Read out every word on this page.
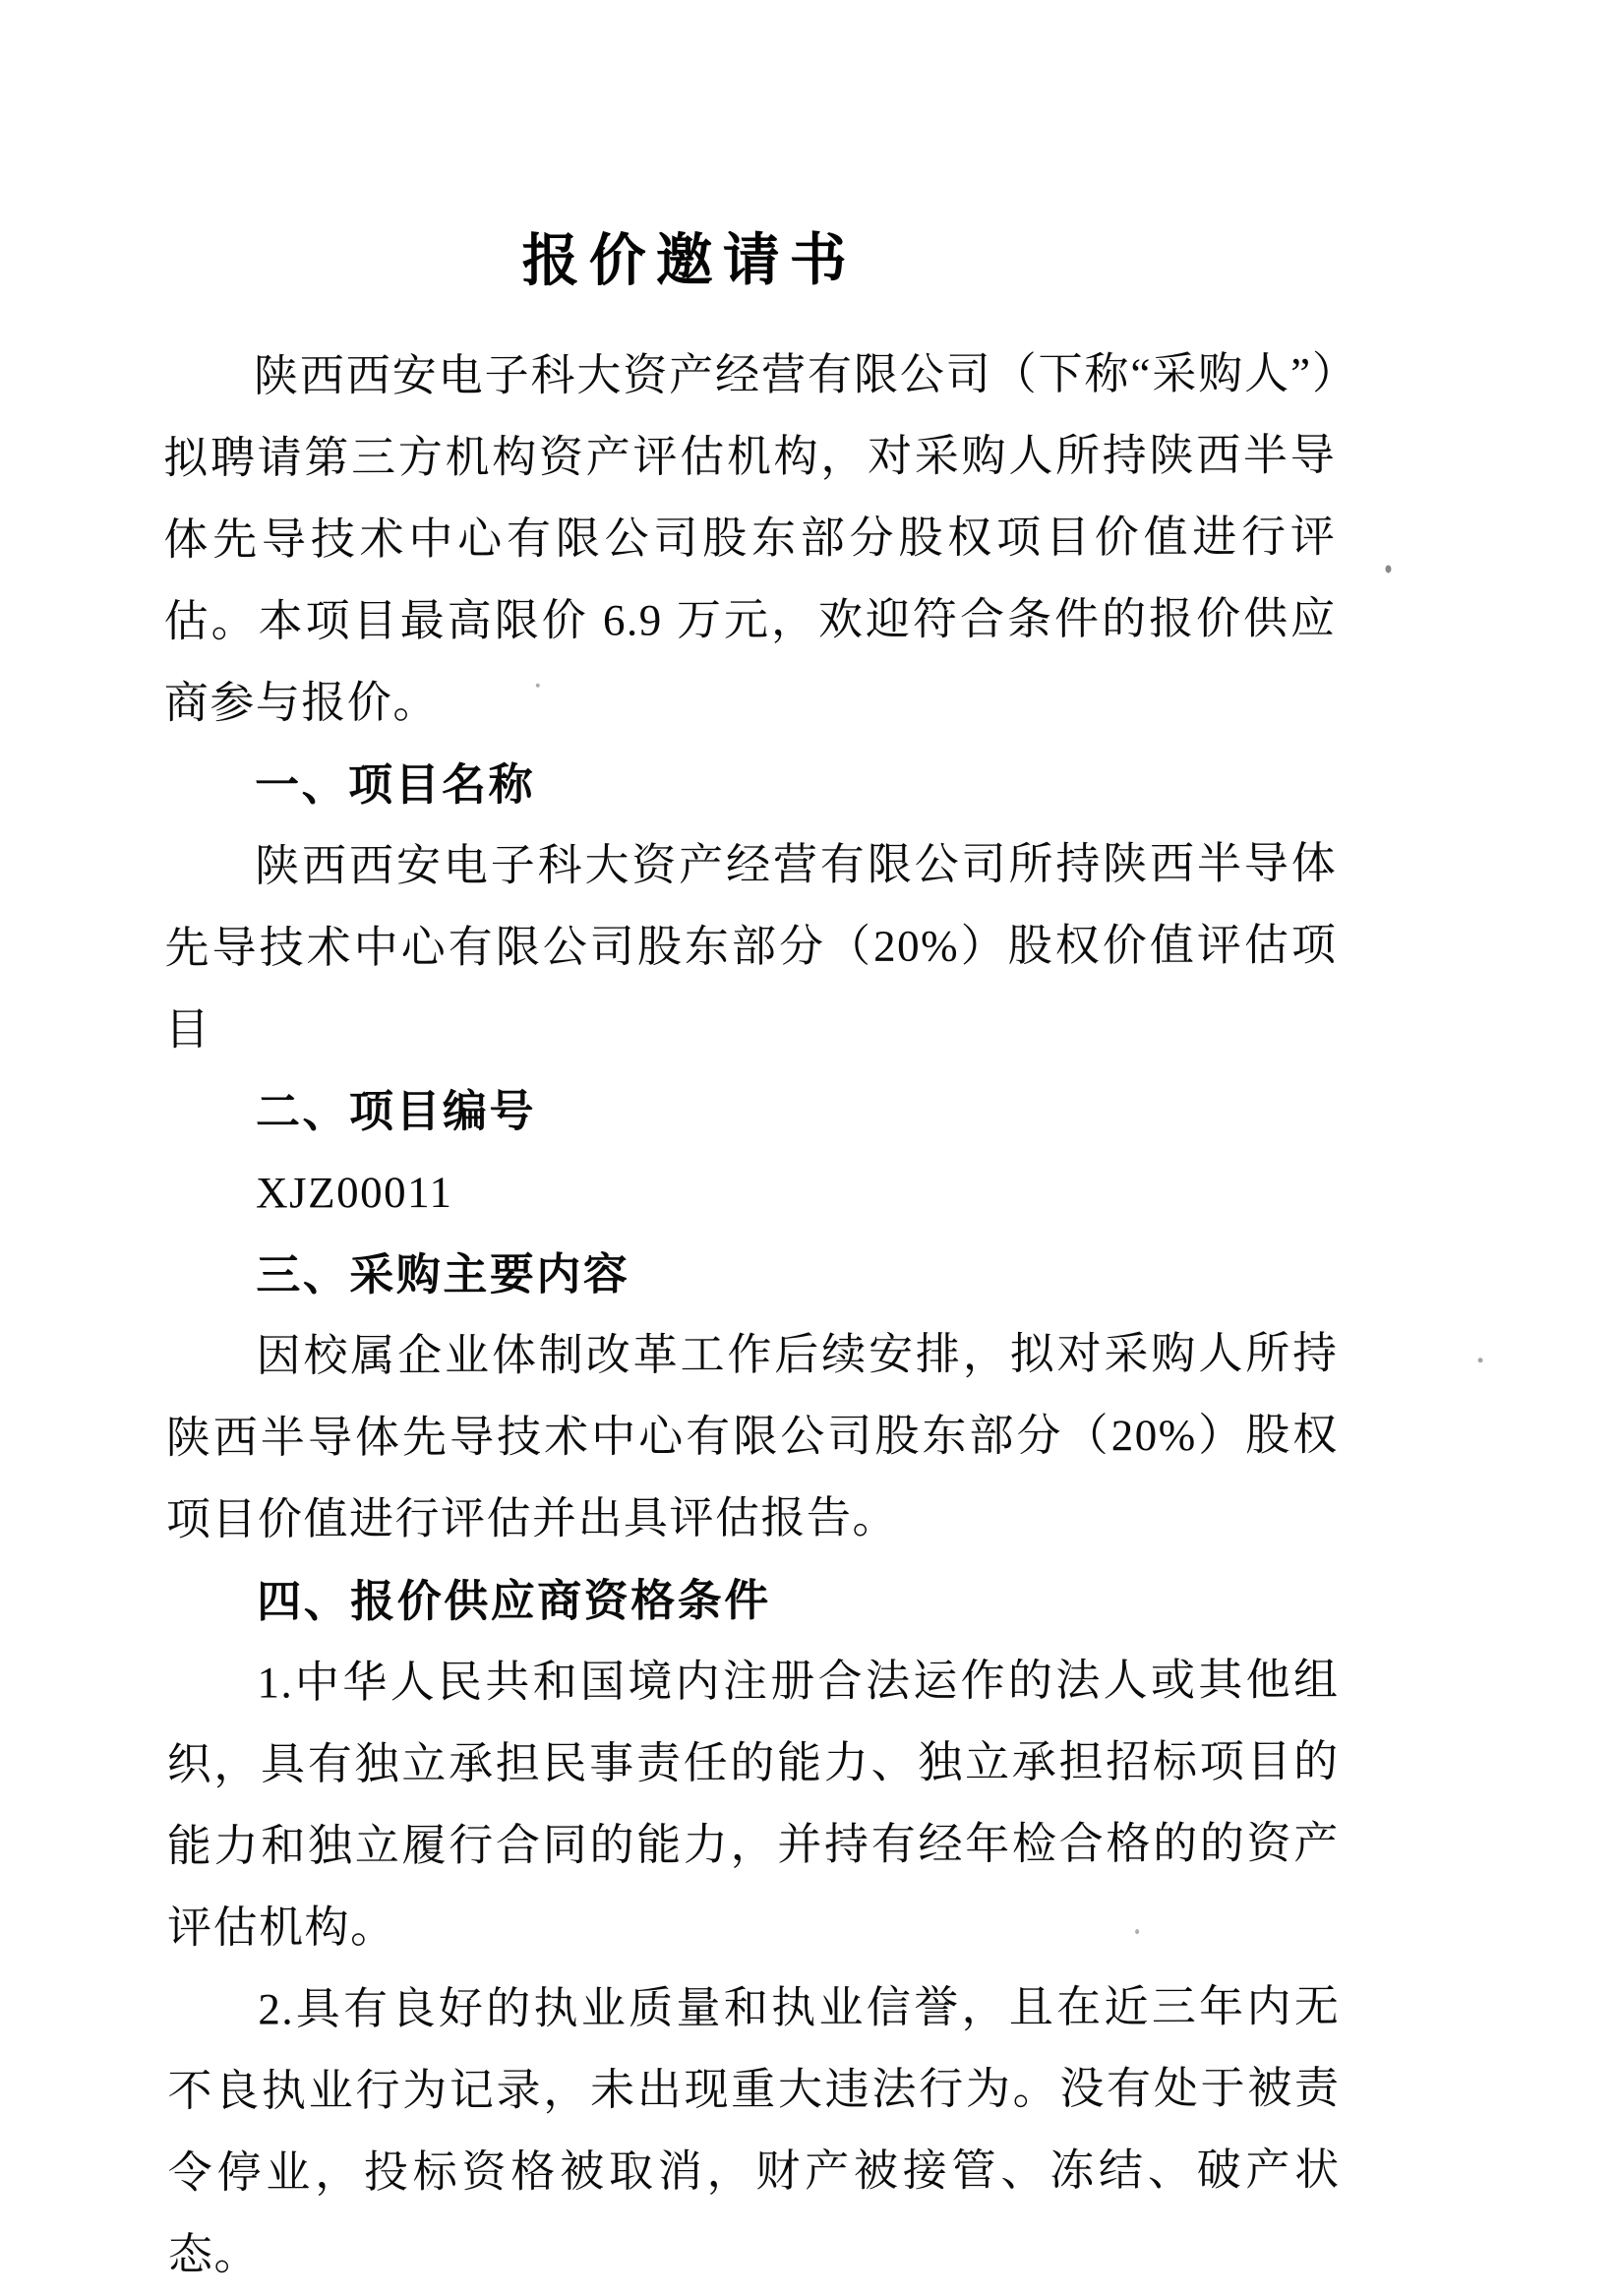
报价邀请书

陕西西安电子科大资产经营有限公司（下称“采购人”）拟聘请第三方机构资产评估机构，对采购人所持陕西半导体先导技术中心有限公司股东部分股权项目价值进行评估。本项目最高限价 6.9 万元，欢迎符合条件的报价供应商参与报价。

一、项目名称

陕西西安电子科大资产经营有限公司所持陕西半导体先导技术中心有限公司股东部分（20%）股权价值评估项目

二、项目编号

XJZ00011

三、采购主要内容

因校属企业体制改革工作后续安排，拟对采购人所持陕西半导体先导技术中心有限公司股东部分（20%）股权项目价值进行评估并出具评估报告。

四、报价供应商资格条件

1.中华人民共和国境内注册合法运作的法人或其他组织，具有独立承担民事责任的能力、独立承担招标项目的能力和独立履行合同的能力，并持有经年检合格的的资产评估机构。

2.具有良好的执业质量和执业信誉，且在近三年内无不良执业行为记录，未出现重大违法行为。没有处于被责令停业，投标资格被取消，财产被接管、冻结、破产状态。
